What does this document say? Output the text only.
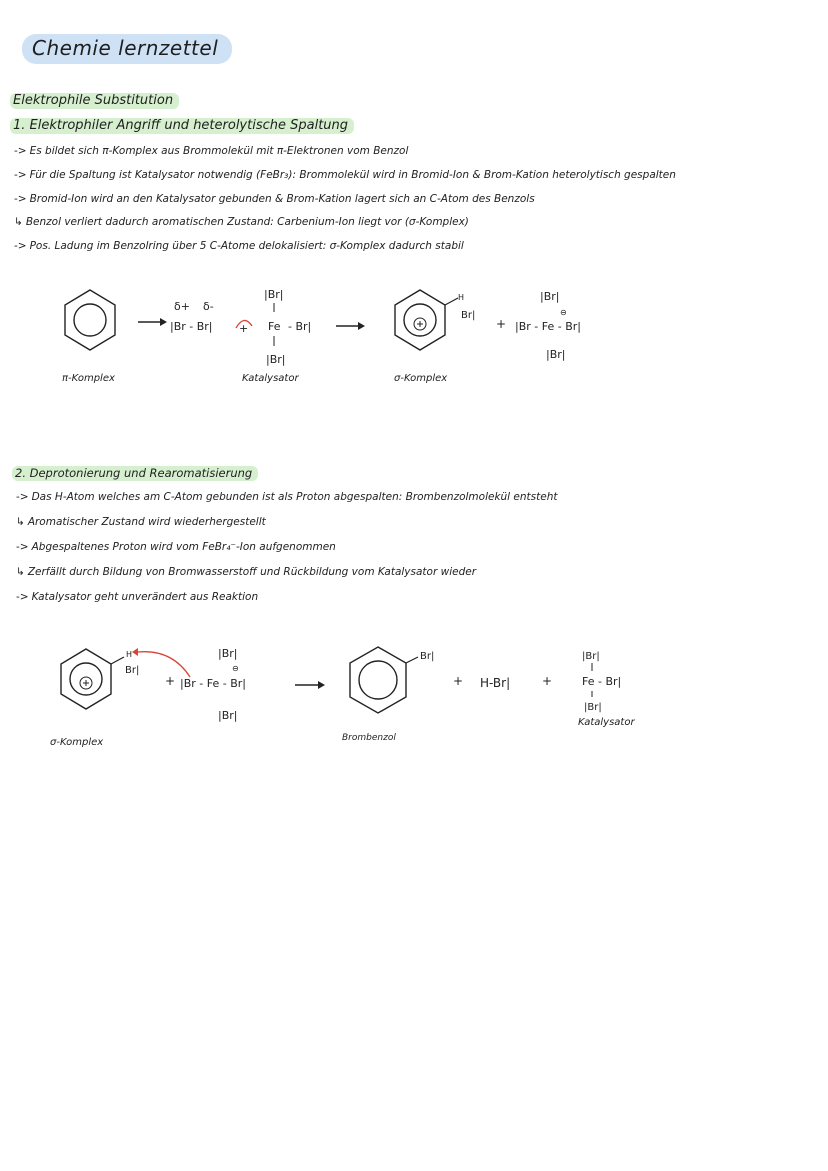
Chemie lernzettel
Elektrophile Substitution
1. Elektrophiler Angriff und heterolytische Spaltung
-> Es bildet sich π-Komplex aus Brommolekül mit π-Elektronen vom Benzol
-> Für die Spaltung ist Katalysator notwendig (FeBr₃): Brommolekül wird in Bromid-Ion & Brom-Kation heterolytisch gespalten
-> Bromid-Ion wird an den Katalysator gebunden & Brom-Kation lagert sich an C-Atom des Benzols
↳ Benzol verliert dadurch aromatischen Zustand: Carbenium-Ion liegt vor (σ-Komplex)
-> Pos. Ladung im Benzolring über 5 C-Atome delokalisiert: σ-Komplex dadurch stabil
π-Komplex
δ+ δ-
|Br - Br| +
|Br|
Fe - Br|
|Br|
Katalysator
H
Br|
σ-Komplex
+
|Br|
⊖
|Br - Fe - Br|
|Br|
2. Deprotonierung und Rearomatisierung
-> Das H-Atom welches am C-Atom gebunden ist als Proton abgespalten: Brombenzolmolekül entsteht
↳ Aromatischer Zustand wird wiederhergestellt
-> Abgespaltenes Proton wird vom FeBr₄⁻-Ion aufgenommen
↳ Zerfällt durch Bildung von Bromwasserstoff und Rückbildung vom Katalysator wieder
-> Katalysator geht unverändert aus Reaktion
H
Br|
σ-Komplex
+
|Br|
⊖
|Br - Fe - Br|
|Br|
Br|
Brombenzol
+ H-Br|	+
|Br|
Fe - Br|
|Br|
Katalysator
